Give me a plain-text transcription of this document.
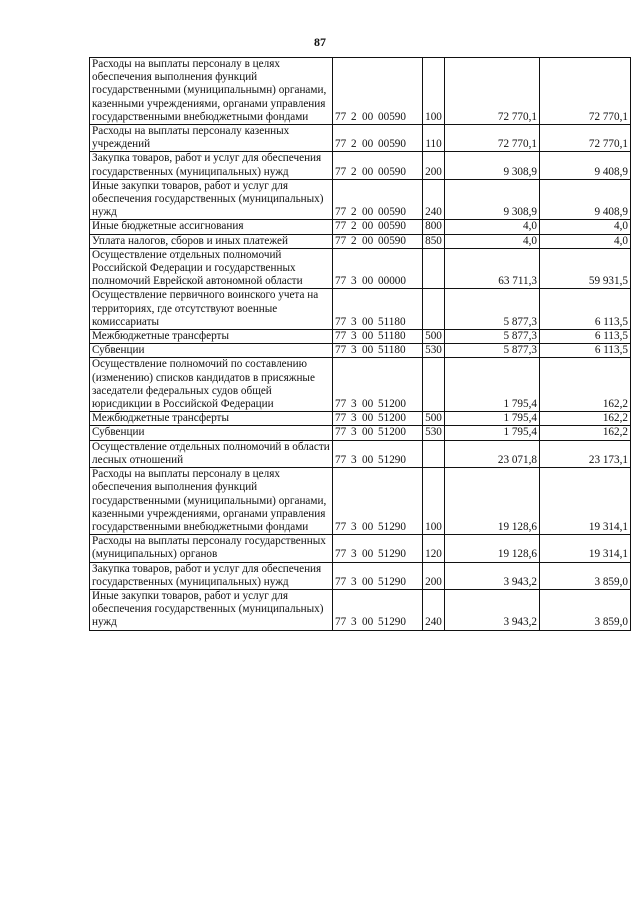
87
Расходы на выплаты персоналу в целях обеспечения выполнения функций государственными (муниципальнымн) органами, казенными учреждениями, органами управления государственными внебюджетными фондами	77 2 00 00590	100	72 770,1	72 770,1
Расходы на выплаты персоналу казенных учреждений	77 2 00 00590	110	72 770,1	72 770,1
Закупка товаров, работ и услуг для обеспечения государственных (муниципальных) нужд	77 2 00 00590	200	9 308,9	9 408,9
Иные закупки товаров, работ и услуг для обеспечения государственных (муниципальных) нужд	77 2 00 00590	240	9 308,9	9 408,9
Иные бюджетные ассигнования	77 2 00 00590	800	4,0	4,0
Уплата налогов, сборов и иных платежей	77 2 00 00590	850	4,0	4,0
Осуществление отдельных полномочий Российской Федерации и государственных полномочий Еврейской автономной области	77 3 00 00000		63 711,3	59 931,5
Осуществление первичного воинского учета на территориях, где отсутствуют военные комиссариаты	77 3 00 51180		5 877,3	6 113,5
Межбюджетные трансферты	77 3 00 51180	500	5 877,3	6 113,5
Субвенции	77 3 00 51180	530	5 877,3	6 113,5
Осуществление полномочий по составлению (изменению) списков кандидатов в присяжные заседатели федеральных судов общей юрисдикции в Российской Федерации	77 3 00 51200		1 795,4	162,2
Межбюджетные трансферты	77 3 00 51200	500	1 795,4	162,2
Субвенции	77 3 00 51200	530	1 795,4	162,2
Осуществление отдельных полномочий в области лесных отношений	77 3 00 51290		23 071,8	23 173,1
Расходы на выплаты персоналу в целях обеспечения выполнения функций государственными (муниципальными) органами, казенными учреждениями, органами управления государственными внебюджетными фондами	77 3 00 51290	100	19 128,6	19 314,1
Расходы на выплаты персоналу государственных (муниципальных) органов	77 3 00 51290	120	19 128,6	19 314,1
Закупка товаров, работ и услуг для обеспечения государственных (муниципальных) нужд	77 3 00 51290	200	3 943,2	3 859,0
Иные закупки товаров, работ и услуг для обеспечения государственных (муниципальных) нужд	77 3 00 51290	240	3 943,2	3 859,0
